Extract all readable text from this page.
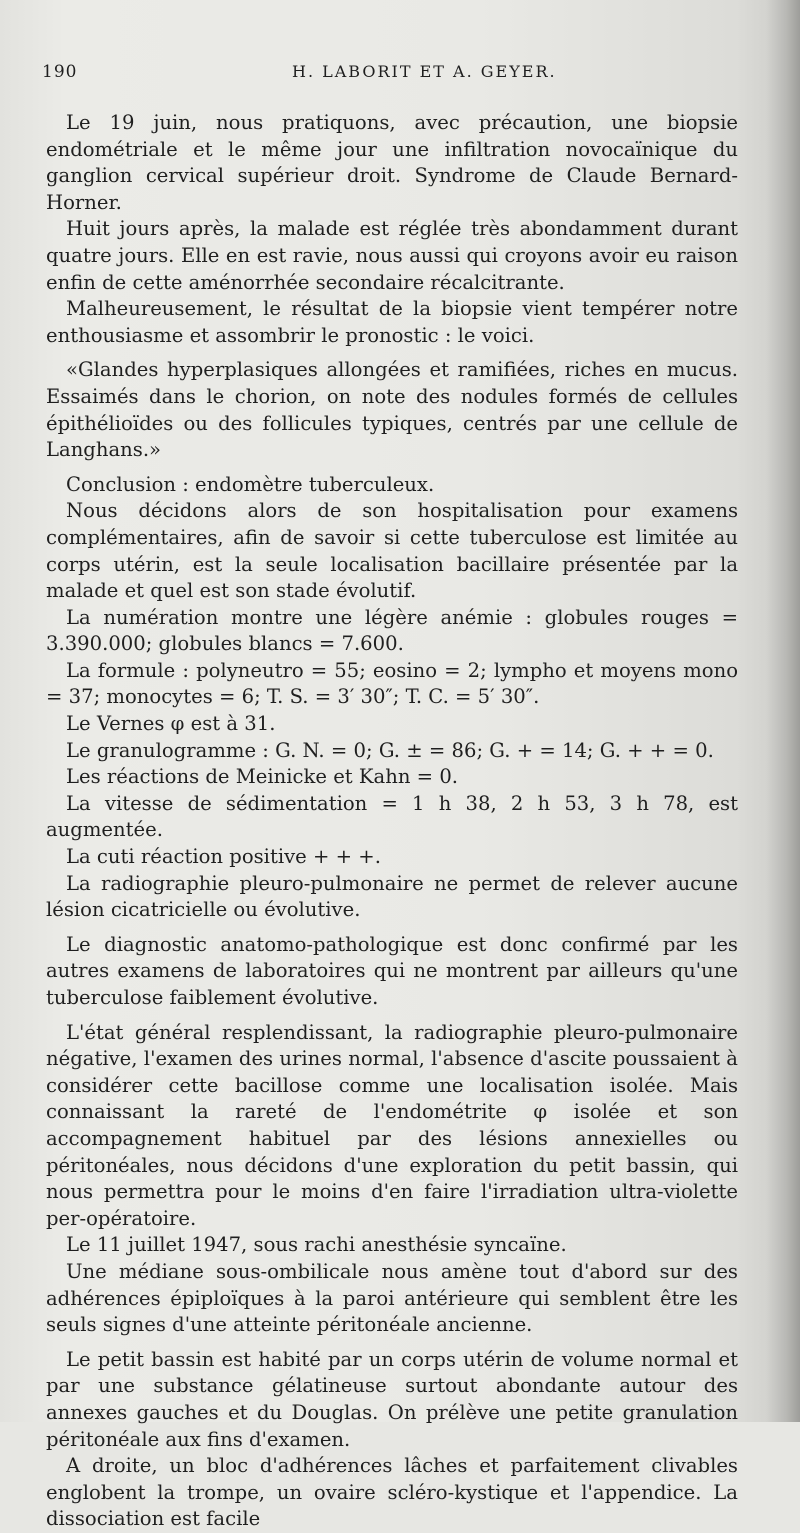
190	H. LABORIT ET A. GEYER.

Le 19 juin, nous pratiquons, avec précaution, une biopsie endométriale et le même jour une infiltration novocaïnique du ganglion cervical supérieur droit. Syndrome de Claude Bernard-Horner.

Huit jours après, la malade est réglée très abondamment durant quatre jours. Elle en est ravie, nous aussi qui croyons avoir eu raison enfin de cette aménorrhée secondaire récalcitrante.

Malheureusement, le résultat de la biopsie vient tempérer notre enthousiasme et assombrir le pronostic : le voici.

«Glandes hyperplasiques allongées et ramifiées, riches en mucus. Essaimés dans le chorion, on note des nodules formés de cellules épithélioïdes ou des follicules typiques, centrés par une cellule de Langhans.»

Conclusion : endomètre tuberculeux.

Nous décidons alors de son hospitalisation pour examens complémentaires, afin de savoir si cette tuberculose est limitée au corps utérin, est la seule localisation bacillaire présentée par la malade et quel est son stade évolutif.

La numération montre une légère anémie : globules rouges = 3.390.000; globules blancs = 7.600.

La formule : polyneutro = 55; eosino = 2; lympho et moyens mono = 37; monocytes = 6; T. S. = 3′ 30″; T. C. = 5′ 30″.

Le Vernes φ est à 31.

Le granulogramme : G. N. = 0; G. ± = 86; G. + = 14; G. + + = 0.

Les réactions de Meinicke et Kahn = 0.

La vitesse de sédimentation = 1 h 38, 2 h 53, 3 h 78, est augmentée.

La cuti réaction positive + + +.

La radiographie pleuro-pulmonaire ne permet de relever aucune lésion cicatricielle ou évolutive.

Le diagnostic anatomo-pathologique est donc confirmé par les autres examens de laboratoires qui ne montrent par ailleurs qu'une tuberculose faiblement évolutive.

L'état général resplendissant, la radiographie pleuro-pulmonaire négative, l'examen des urines normal, l'absence d'ascite poussaient à considérer cette bacillose comme une localisation isolée. Mais connaissant la rareté de l'endométrite φ isolée et son accompagnement habituel par des lésions annexielles ou péritonéales, nous décidons d'une exploration du petit bassin, qui nous permettra pour le moins d'en faire l'irradiation ultra-violette per-opératoire.

Le 11 juillet 1947, sous rachi anesthésie syncaïne.

Une médiane sous-ombilicale nous amène tout d'abord sur des adhérences épiploïques à la paroi antérieure qui semblent être les seuls signes d'une atteinte péritonéale ancienne.

Le petit bassin est habité par un corps utérin de volume normal et par une substance gélatineuse surtout abondante autour des annexes gauches et du Douglas. On prélève une petite granulation péritonéale aux fins d'examen.

A droite, un bloc d'adhérences lâches et parfaitement clivables englobent la trompe, un ovaire scléro-kystique et l'appendice. La dissociation est facile
